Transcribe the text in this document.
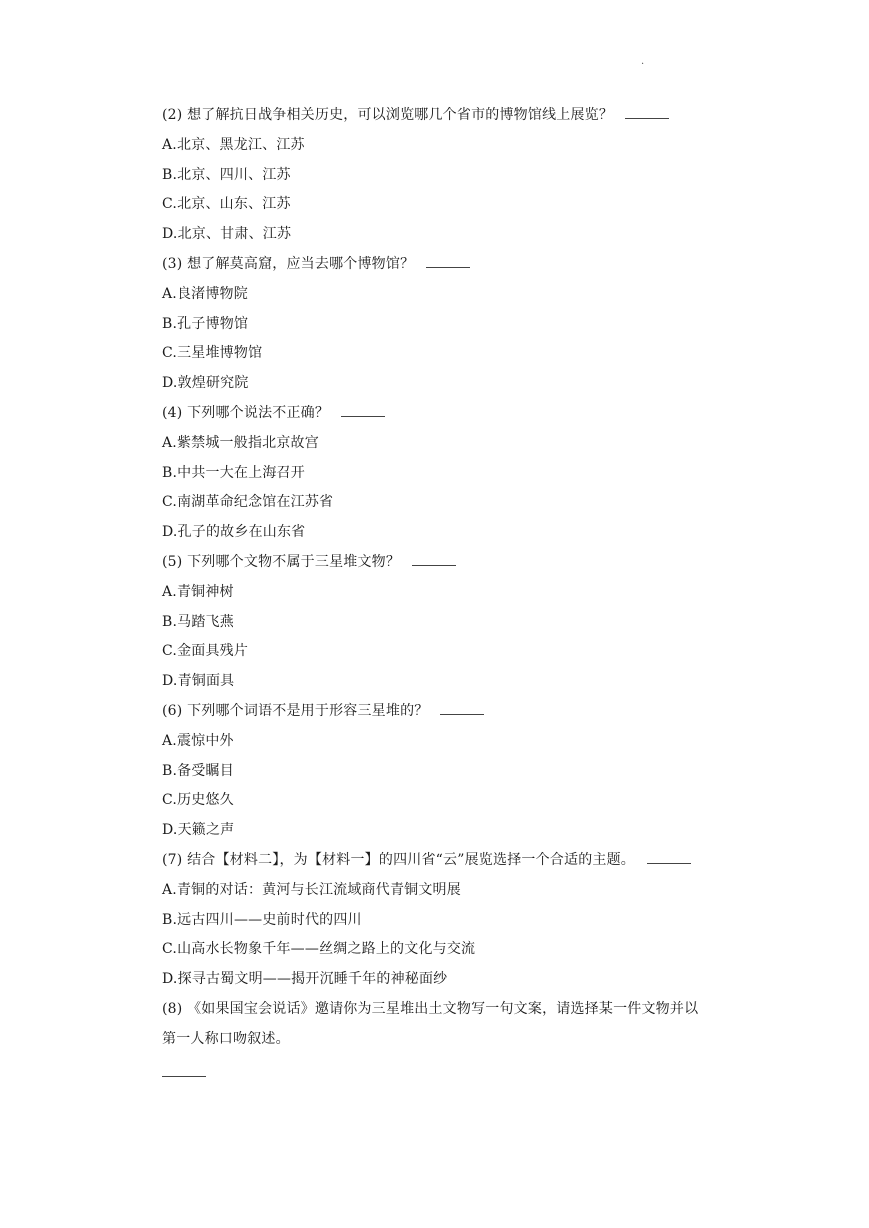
.
(2) 想了解抗日战争相关历史，可以浏览哪几个省市的博物馆线上展览？
A.北京、黑龙江、江苏
B.北京、四川、江苏
C.北京、山东、江苏
D.北京、甘肃、江苏
(3) 想了解莫高窟，应当去哪个博物馆？
A.良渚博物院
B.孔子博物馆
C.三星堆博物馆
D.敦煌研究院
(4) 下列哪个说法不正确？
A.紫禁城一般指北京故宫
B.中共一大在上海召开
C.南湖革命纪念馆在江苏省
D.孔子的故乡在山东省
(5) 下列哪个文物不属于三星堆文物？
A.青铜神树
B.马踏飞燕
C.金面具残片
D.青铜面具
(6) 下列哪个词语不是用于形容三星堆的？
A.震惊中外
B.备受瞩目
C.历史悠久
D.天籁之声
(7) 结合【材料二】，为【材料一】的四川省“云”展览选择一个合适的主题。
A.青铜的对话：黄河与长江流域商代青铜文明展
B.远古四川——史前时代的四川
C.山高水长物象千年——丝绸之路上的文化与交流
D.探寻古蜀文明——揭开沉睡千年的神秘面纱
(8) 《如果国宝会说话》邀请你为三星堆出土文物写一句文案，请选择某一件文物并以
第一人称口吻叙述。
